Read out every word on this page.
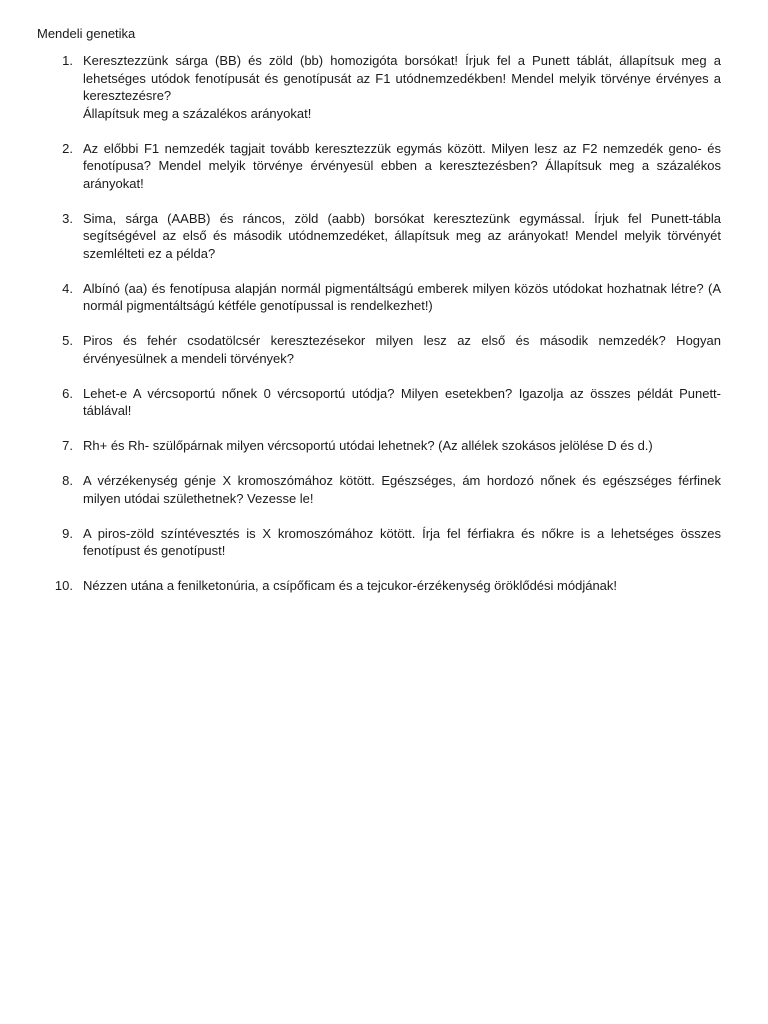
Mendeli genetika
1. Keresztezzünk sárga (BB) és zöld (bb) homozigóta borsókat! Írjuk fel a Punett táblát, állapítsuk meg a lehetséges utódok fenotípusát és genotípusát az F1 utódnemzedékben! Mendel melyik törvénye érvényes a keresztezésre?
Állapítsuk meg a százalékos arányokat!
2. Az előbbi F1 nemzedék tagjait tovább keresztezzük egymás között. Milyen lesz az F2 nemzedék geno- és fenotípusa? Mendel melyik törvénye érvényesül ebben a keresztezésben? Állapítsuk meg a százalékos arányokat!
3. Sima, sárga (AABB) és ráncos, zöld (aabb) borsókat keresztezünk egymással. Írjuk fel Punett-tábla segítségével az első és második utódnemzedéket, állapítsuk meg az arányokat! Mendel melyik törvényét szemlélteti ez a példa?
4. Albínó (aa) és fenotípusa alapján normál pigmentáltságú emberek milyen közös utódokat hozhatnak létre? (A normál pigmentáltságú kétféle genotípussal is rendelkezhet!)
5. Piros és fehér csodatölcsér keresztezésekor milyen lesz az első és második nemzedék? Hogyan érvényesülnek a mendeli törvények?
6. Lehet-e A vércsoportú nőnek 0 vércsoportú utódja? Milyen esetekben? Igazolja az összes példát Punett-táblával!
7. Rh+ és Rh- szülőpárnak milyen vércsoportú utódai lehetnek? (Az allélek szokásos jelölése D és d.)
8. A vérzékenység génje X kromoszómához kötött. Egészséges, ám hordozó nőnek és egészséges férfinek milyen utódai születhetnek? Vezesse le!
9. A piros-zöld színtévesztés is X kromoszómához kötött. Írja fel férfiakra és nőkre is a lehetséges összes fenotípust és genotípust!
10. Nézzen utána a fenilketonúria, a csípőficam és a tejcukor-érzékenység öröklődési módjának!
